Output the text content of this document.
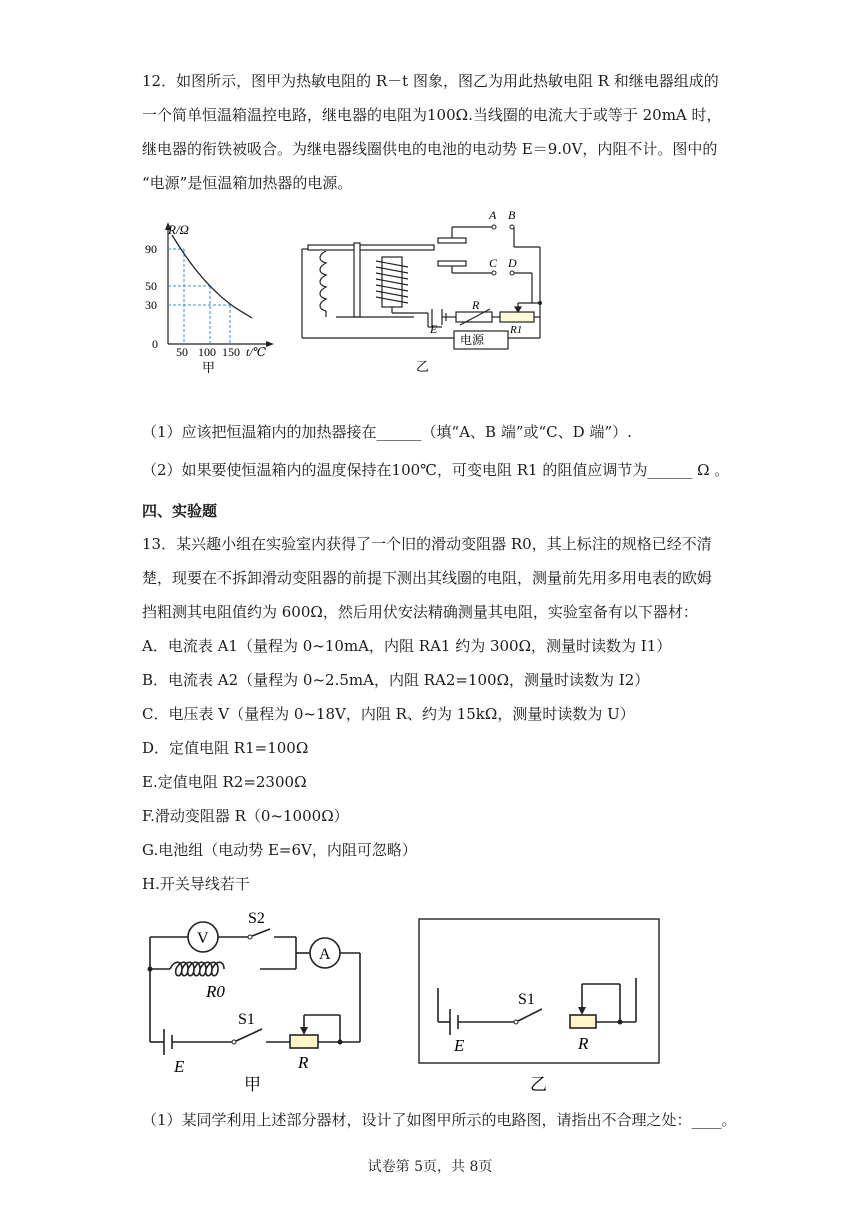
12．如图所示，图甲为热敏电阻的 R－t 图象，图乙为用此热敏电阻 R 和继电器组成的
一个简单恒温箱温控电路，继电器的电阻为100Ω.当线圈的电流大于或等于 20mA 时，
继电器的衔铁被吸合。为继电器线圈供电的电池的电动势 E＝9.0V，内阻不计。图中的
“电源”是恒温箱加热器的电源。
R/Ω
90
50
30
0
50 100 150 t/℃
甲
A B
C D
E
R
R1
电源
乙
（1）应该把恒温箱内的加热器接在______（填“A、B 端”或“C、D 端”）.
（2）如果要使恒温箱内的温度保持在100℃，可变电阻 R1 的阻值应调节为______ Ω 。
四、实验题
13．某兴趣小组在实验室内获得了一个旧的滑动变阻器 R0，其上标注的规格已经不清
楚，现要在不拆卸滑动变阻器的前提下测出其线圈的电阻，测量前先用多用电表的欧姆
挡粗测其电阻值约为 600Ω，然后用伏安法精确测量其电阻，实验室备有以下器材：
A．电流表 A1（量程为 0~10mA，内阻 RA1 约为 300Ω，测量时读数为 I1）
B．电流表 A2（量程为 0~2.5mA，内阻 RA2=100Ω，测量时读数为 I2）
C．电压表 V（量程为 0~18V，内阻 R、约为 15kΩ，测量时读数为 U）
D．定值电阻 R1=100Ω
E.定值电阻 R2=2300Ω
F.滑动变阻器 R（0~1000Ω）
G.电池组（电动势 E=6V，内阻可忽略）
H.开关导线若干
V
A
S2
R0
S1
E	R
甲
S1
E	R
乙
（1）某同学利用上述部分器材，设计了如图甲所示的电路图，请指出不合理之处：____。
试卷第 5页，共 8页
